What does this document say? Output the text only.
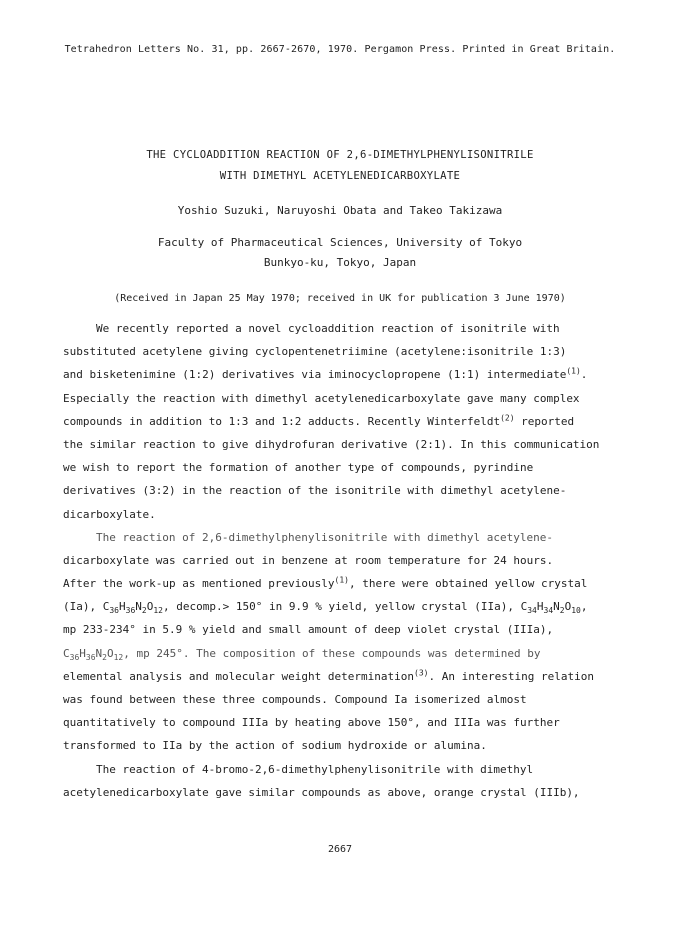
Tetrahedron Letters No. 31, pp. 2667-2670, 1970. Pergamon Press. Printed in Great Britain.
THE CYCLOADDITION REACTION OF 2,6-DIMETHYLPHENYLISONITRILE
WITH DIMETHYL ACETYLENEDICARBOXYLATE
Yoshio Suzuki, Naruyoshi Obata and Takeo Takizawa
Faculty of Pharmaceutical Sciences, University of Tokyo
Bunkyo-ku, Tokyo, Japan
(Received in Japan 25 May 1970; received in UK for publication 3 June 1970)
We recently reported a novel cycloaddition reaction of isonitrile with
substituted acetylene giving cyclopentenetriimine (acetylene:isonitrile 1:3)
and bisketenimine (1:2) derivatives via iminocyclopropene (1:1) intermediate$^{(1)}$.
Especially the reaction with dimethyl acetylenedicarboxylate gave many complex
compounds in addition to 1:3 and 1:2 adducts. Recently Winterfeldt$^{(2)}$ reported
the similar reaction to give dihydrofuran derivative (2:1). In this communication
we wish to report the formation of another type of compounds, pyrindine
derivatives (3:2) in the reaction of the isonitrile with dimethyl acetylene-
dicarboxylate.
The reaction of 2,6-dimethylphenylisonitrile with dimethyl acetylene-
dicarboxylate was carried out in benzene at room temperature for 24 hours.
After the work-up as mentioned previously$^{(1)}$, there were obtained yellow crystal
(Ia), $C_{36}H_{36}N_2O_{12}$, decomp.> 150° in 9.9 % yield, yellow crystal (IIa), $C_{34}H_{34}N_2O_{10}$,
mp 233-234° in 5.9 % yield and small amount of deep violet crystal (IIIa),
$C_{36}H_{36}N_2O_{12}$, mp 245°. The composition of these compounds was determined by
elemental analysis and molecular weight determination$^{(3)}$. An interesting relation
was found between these three compounds. Compound Ia isomerized almost
quantitatively to compound IIIa by heating above 150°, and IIIa was further
transformed to IIa by the action of sodium hydroxide or alumina.
The reaction of 4-bromo-2,6-dimethylphenylisonitrile with dimethyl
acetylenedicarboxylate gave similar compounds as above, orange crystal (IIIb),
2667
